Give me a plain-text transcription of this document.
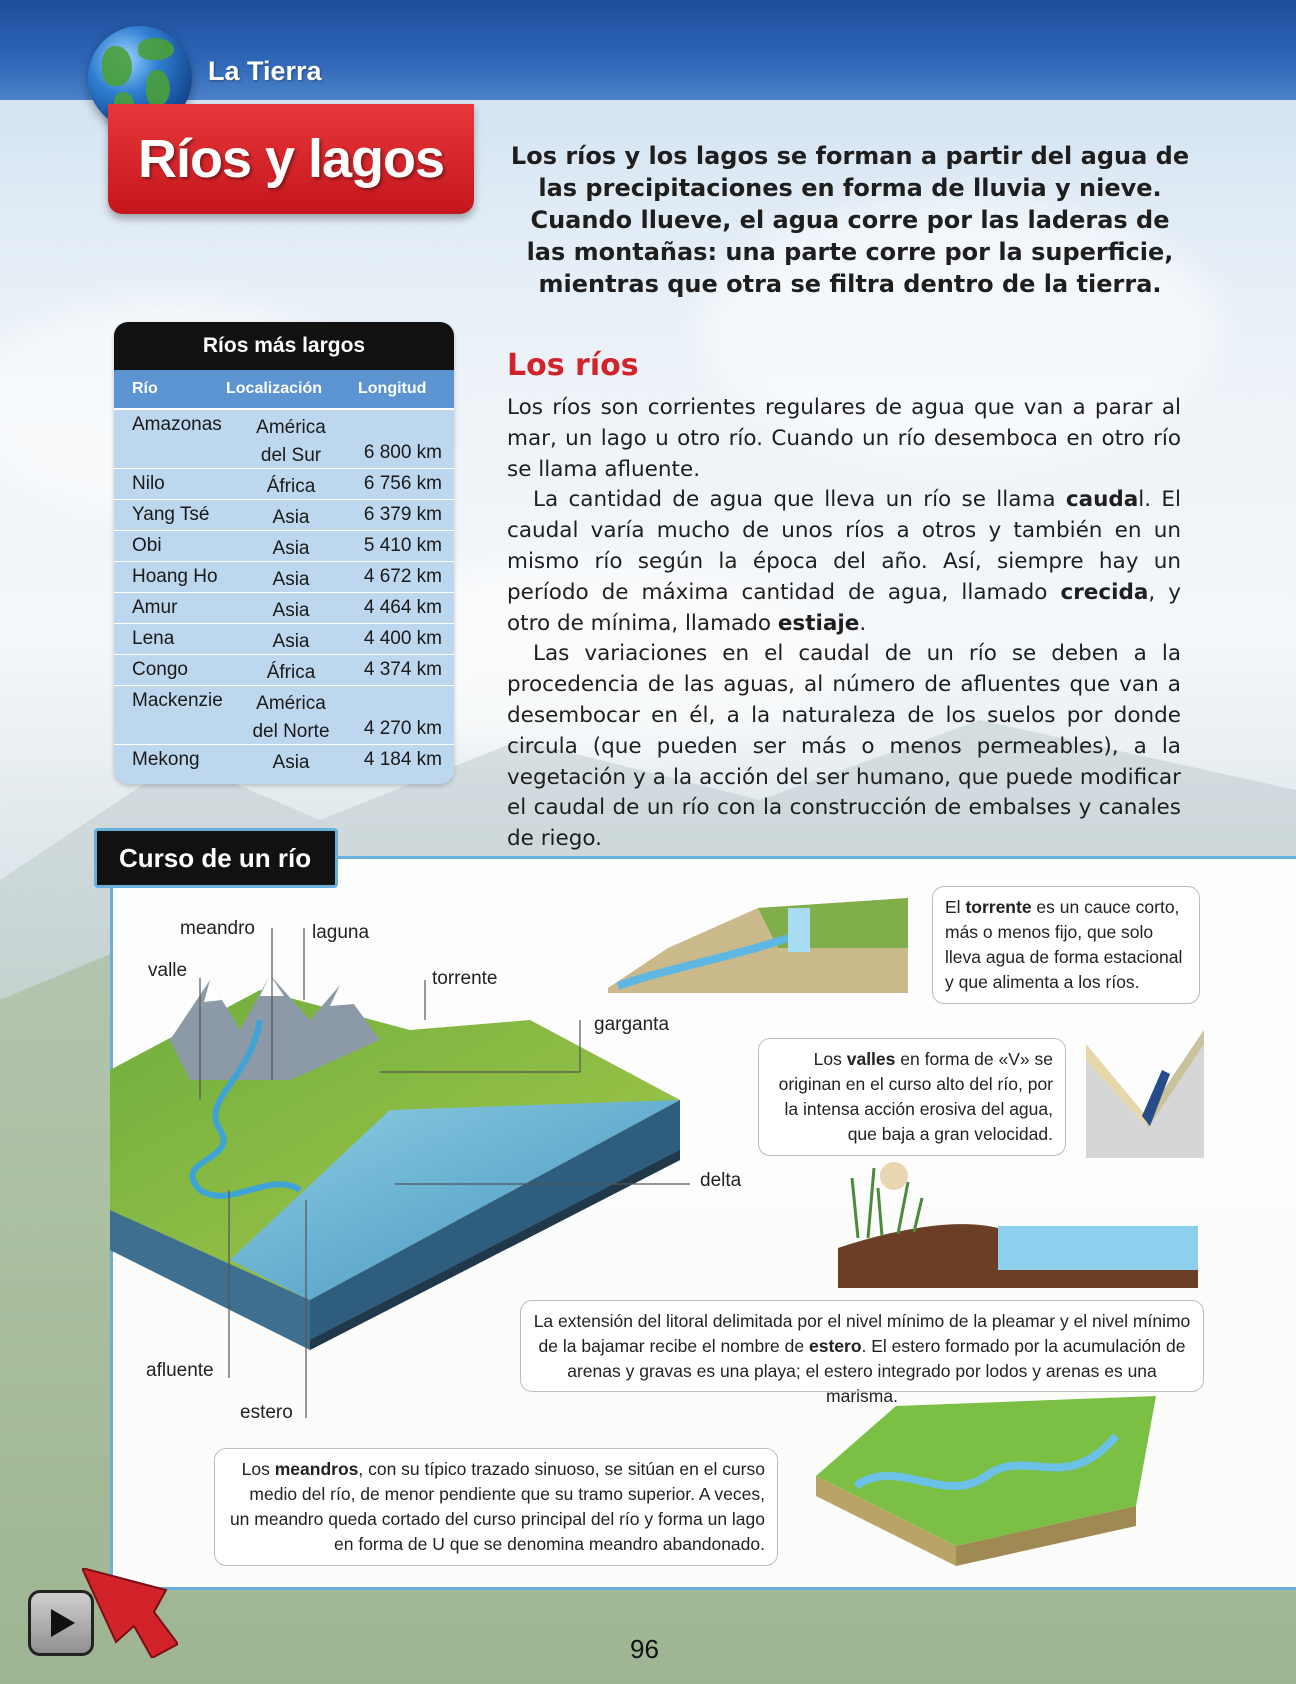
La Tierra
Ríos y lagos	Los ríos y los lagos se forman a partir del agua de las precipitaciones en forma de lluvia y nieve. Cuando llueve, el agua corre por las laderas de las montañas: una parte corre por la superficie, mientras que otra se filtra dentro de la tierra.
Ríos más largos
Río	Localización Longitud
Amazonas	América
del Sur	6 800 km
Nilo	África	6 756 km
Yang Tsé	Asia	6 379 km
Obi	Asia	5 410 km
Hoang Ho	Asia	4 672 km
Amur	Asia	4 464 km
Lena	Asia	4 400 km
Congo	África	4 374 km
Mackenzie	América
del Norte	4 270 km
Mekong	Asia	4 184 km
Los ríos

Los ríos son corrientes regulares de agua que van a parar al mar, un lago u otro río. Cuando un río desemboca en otro río se llama afluente.

La cantidad de agua que lleva un río se llama caudal. El caudal varía mucho de unos ríos a otros y también en un mismo río según la época del año. Así, siempre hay un período de máxima cantidad de agua, llamado crecida, y otro de mínima, llamado estiaje.

Las variaciones en el caudal de un río se deben a la procedencia de las aguas, al número de afluentes que van a desembocar en él, a la naturaleza de los suelos por donde circula (que pueden ser más o menos permeables), a la vegetación y a la acción del ser humano, que puede modificar el caudal de un río con la construcción de embalses y canales de riego.

Curso de un río
meandro	laguna
valle	torrente
garganta
delta
afluente
estero
El torrente es un cauce corto, más o menos fijo, que solo lleva agua de forma estacional y que alimenta a los ríos.
Los valles en forma de «V» se originan en el curso alto del río, por la intensa acción erosiva del agua, que baja a gran velocidad.
La extensión del litoral delimitada por el nivel mínimo de la pleamar y el nivel mínimo de la bajamar recibe el nombre de estero. El estero formado por la acumulación de arenas y gravas es una playa; el estero integrado por lodos y arenas es una marisma.
Los meandros, con su típico trazado sinuoso, se sitúan en el curso medio del río, de menor pendiente que su tramo superior. A veces, un meandro queda cortado del curso principal del río y forma un lago en forma de U que se denomina meandro abandonado.
96
